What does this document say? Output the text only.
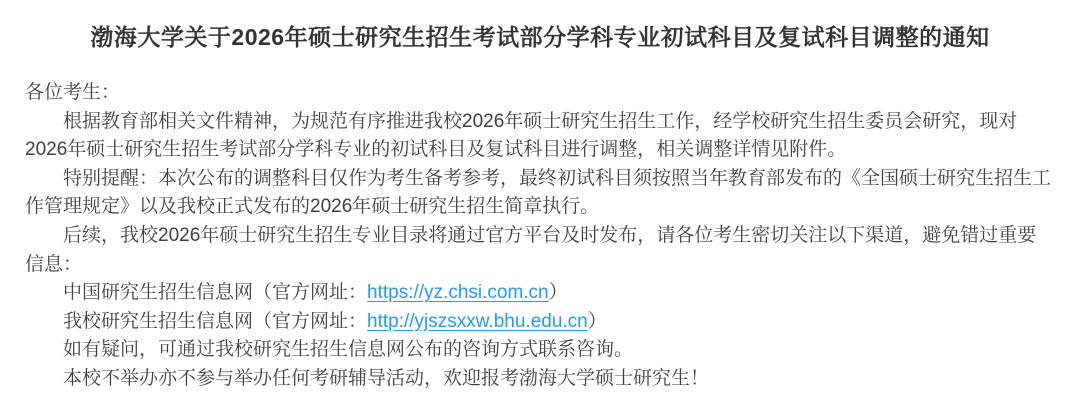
渤海大学关于2026年硕士研究生招生考试部分学科专业初试科目及复试科目调整的通知

各位考生：

根据教育部相关文件精神，为规范有序推进我校2026年硕士研究生招生工作，经学校研究生招生委员会研究，现对2026年硕士研究生招生考试部分学科专业的初试科目及复试科目进行调整，相关调整详情见附件。

特别提醒：本次公布的调整科目仅作为考生备考参考，最终初试科目须按照当年教育部发布的《全国硕士研究生招生工作管理规定》以及我校正式发布的2026年硕士研究生招生简章执行。

后续，我校2026年硕士研究生招生专业目录将通过官方平台及时发布，请各位考生密切关注以下渠道，避免错过重要信息：

中国研究生招生信息网（官方网址：https://yz.chsi.com.cn）

我校研究生招生信息网（官方网址：http://yjszsxxw.bhu.edu.cn）

如有疑问，可通过我校研究生招生信息网公布的咨询方式联系咨询。

本校不举办亦不参与举办任何考研辅导活动，欢迎报考渤海大学硕士研究生！
